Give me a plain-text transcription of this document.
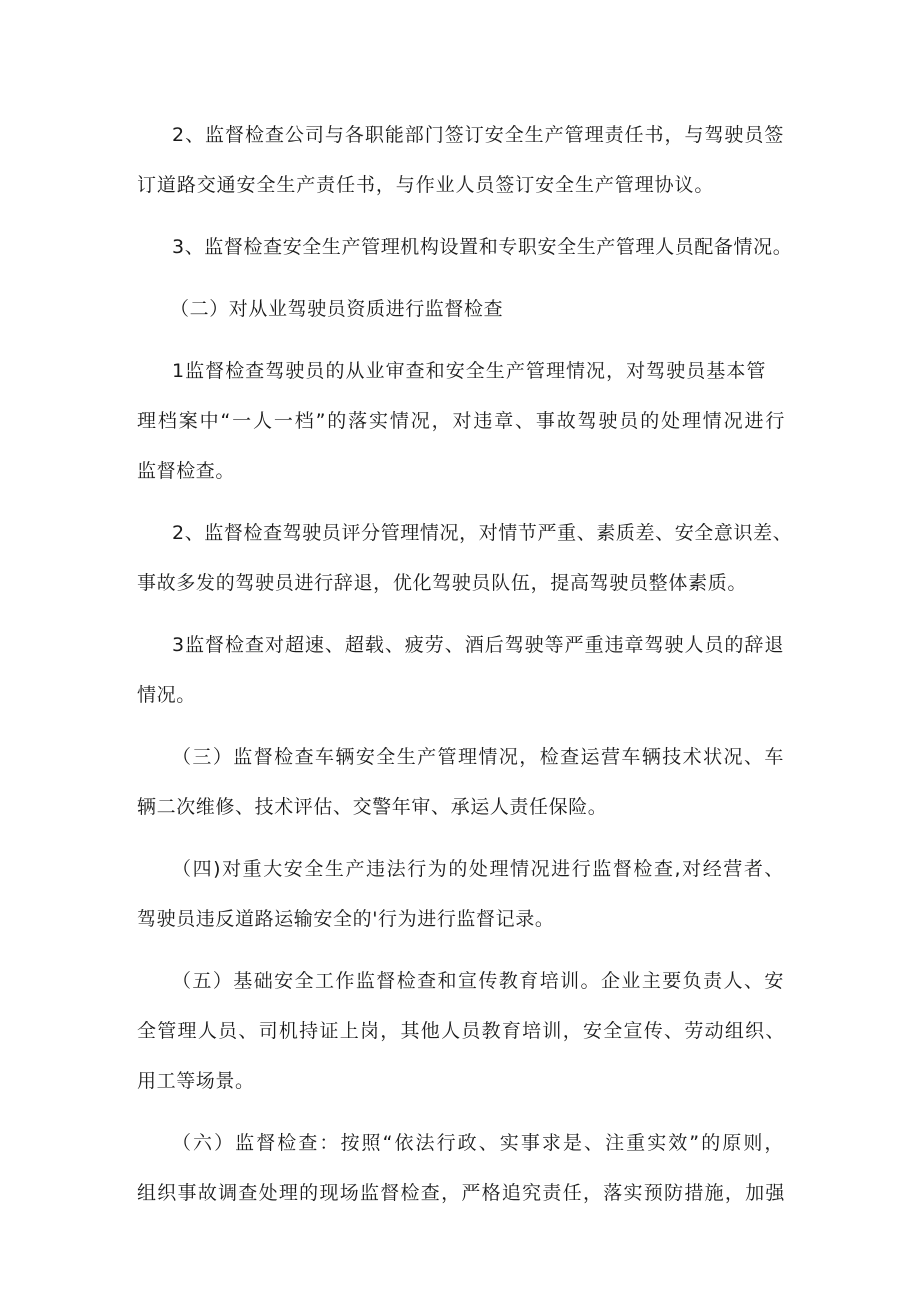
2、监督检查公司与各职能部门签订安全生产管理责任书，与驾驶员签
订道路交通安全生产责任书，与作业人员签订安全生产管理协议。
3、监督检查安全生产管理机构设置和专职安全生产管理人员配备情况。
（二）对从业驾驶员资质进行监督检查
1监督检查驾驶员的从业审查和安全生产管理情况，对驾驶员基本管
理档案中“一人一档”的落实情况，对违章、事故驾驶员的处理情况进行
监督检查。
2、监督检查驾驶员评分管理情况，对情节严重、素质差、安全意识差、
事故多发的驾驶员进行辞退，优化驾驶员队伍，提高驾驶员整体素质。
3监督检查对超速、超载、疲劳、酒后驾驶等严重违章驾驶人员的辞退
情况。
（三）监督检查车辆安全生产管理情况，检查运营车辆技术状况、车
辆二次维修、技术评估、交警年审、承运人责任保险。
（四)对重大安全生产违法行为的处理情况进行监督检查,对经营者、
驾驶员违反道路运输安全的'行为进行监督记录。
（五）基础安全工作监督检查和宣传教育培训。企业主要负责人、安
全管理人员、司机持证上岗，其他人员教育培训，安全宣传、劳动组织、
用工等场景。
（六）监督检查：按照“依法行政、实事求是、注重实效”的原则，
组织事故调查处理的现场监督检查，严格追究责任，落实预防措施，加强
